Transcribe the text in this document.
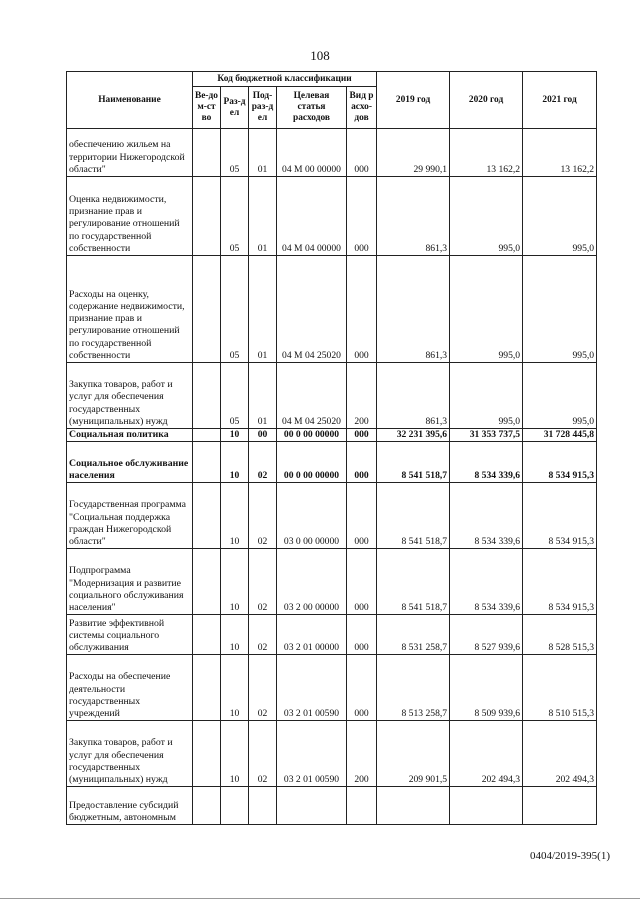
108
Наименование	Код бюджетной классификации					2019 год	2020 год	2021 год
	Ве-дом-ство	Раз-дел	Под-раз-дел	Целевая статья расходов	Вид расхо-дов			
обеспечению жильем на территории Нижегородской области"		05	01	04 М 00 00000	000	29 990,1	13 162,2	13 162,2
Оценка недвижимости, признание прав и регулирование отношений по государственной собственности		05	01	04 М 04 00000	000	861,3	995,0	995,0
Расходы на оценку, содержание недвижимости, признание прав и регулирование отношений по государственной собственности		05	01	04 М 04 25020	000	861,3	995,0	995,0
Закупка товаров, работ и услуг для обеспечения государственных (муниципальных) нужд		05	01	04 М 04 25020	200	861,3	995,0	995,0
Социальная политика		10	00	00 0 00 00000	000	32 231 395,6	31 353 737,5	31 728 445,8
Социальное обслуживание населения		10	02	00 0 00 00000	000	8 541 518,7	8 534 339,6	8 534 915,3
Государственная программа "Социальная поддержка граждан Нижегородской области"		10	02	03 0 00 00000	000	8 541 518,7	8 534 339,6	8 534 915,3
Подпрограмма "Модернизация и развитие социального обслуживания населения"		10	02	03 2 00 00000	000	8 541 518,7	8 534 339,6	8 534 915,3
Развитие эффективной системы социального обслуживания		10	02	03 2 01 00000	000	8 531 258,7	8 527 939,6	8 528 515,3
Расходы на обеспечение деятельности государственных учреждений		10	02	03 2 01 00590	000	8 513 258,7	8 509 939,6	8 510 515,3
Закупка товаров, работ и услуг для обеспечения государственных (муниципальных) нужд		10	02	03 2 01 00590	200	209 901,5	202 494,3	202 494,3
Предоставление субсидий бюджетным, автономным								
0404/2019-395(1)
